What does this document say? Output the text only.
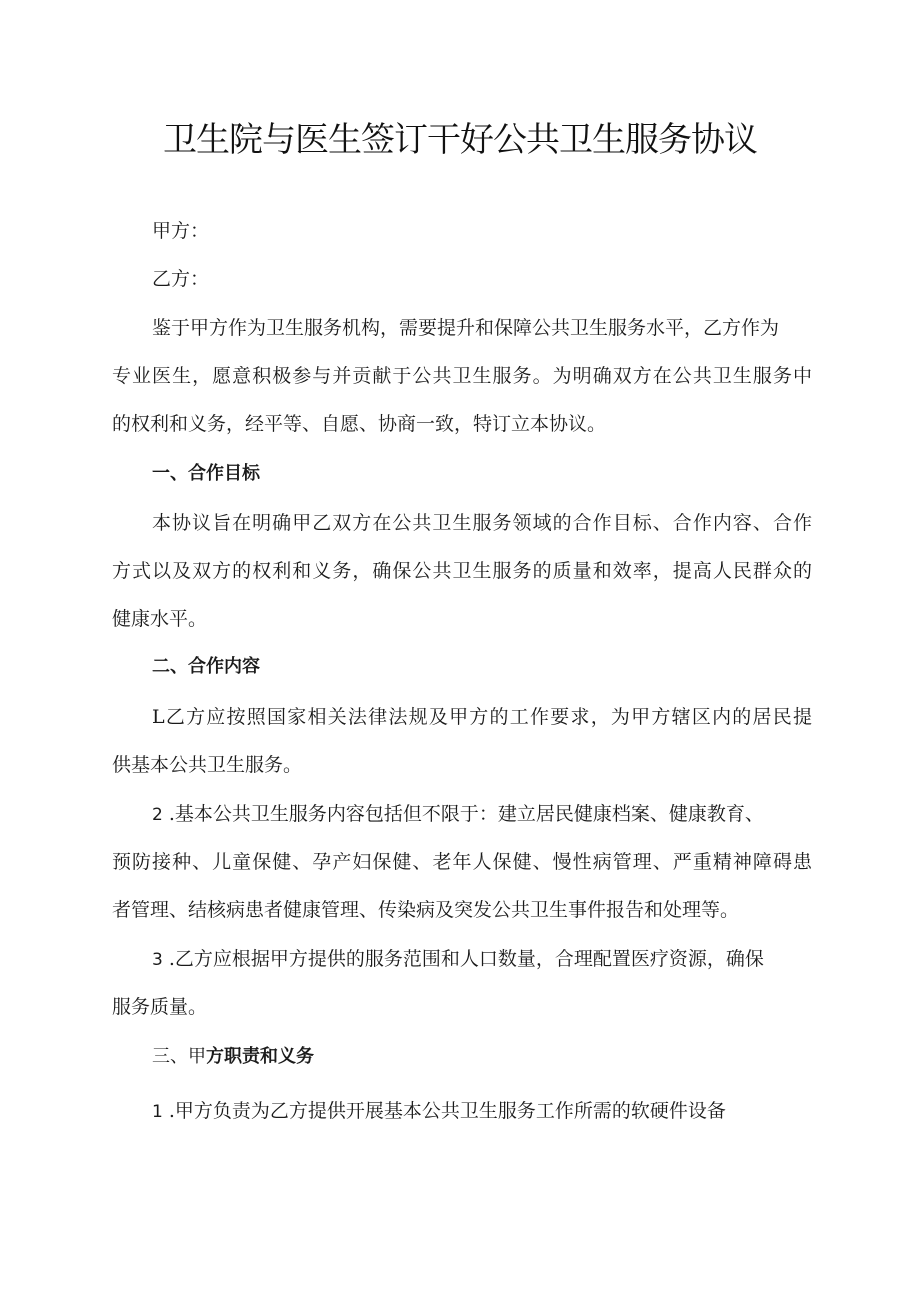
卫生院与医生签订干好公共卫生服务协议

甲方：

乙方：

鉴于甲方作为卫生服务机构，需要提升和保障公共卫生服务水平，乙方作为

专业医生，愿意积极参与并贡献于公共卫生服务。为明确双方在公共卫生服务中

的权利和义务，经平等、自愿、协商一致，特订立本协议。

一、合作目标

本协议旨在明确甲乙双方在公共卫生服务领域的合作目标、合作内容、合作

方式以及双方的权利和义务，确保公共卫生服务的质量和效率，提高人民群众的

健康水平。

二、合作内容

L乙方应按照国家相关法律法规及甲方的工作要求，为甲方辖区内的居民提

供基本公共卫生服务。

2 .基本公共卫生服务内容包括但不限于：建立居民健康档案、健康教育、

预防接种、儿童保健、孕产妇保健、老年人保健、慢性病管理、严重精神障碍患

者管理、结核病患者健康管理、传染病及突发公共卫生事件报告和处理等。

3 .乙方应根据甲方提供的服务范围和人口数量，合理配置医疗资源，确保

服务质量。

三、甲方职责和义务

1 .甲方负责为乙方提供开展基本公共卫生服务工作所需的软硬件设备
